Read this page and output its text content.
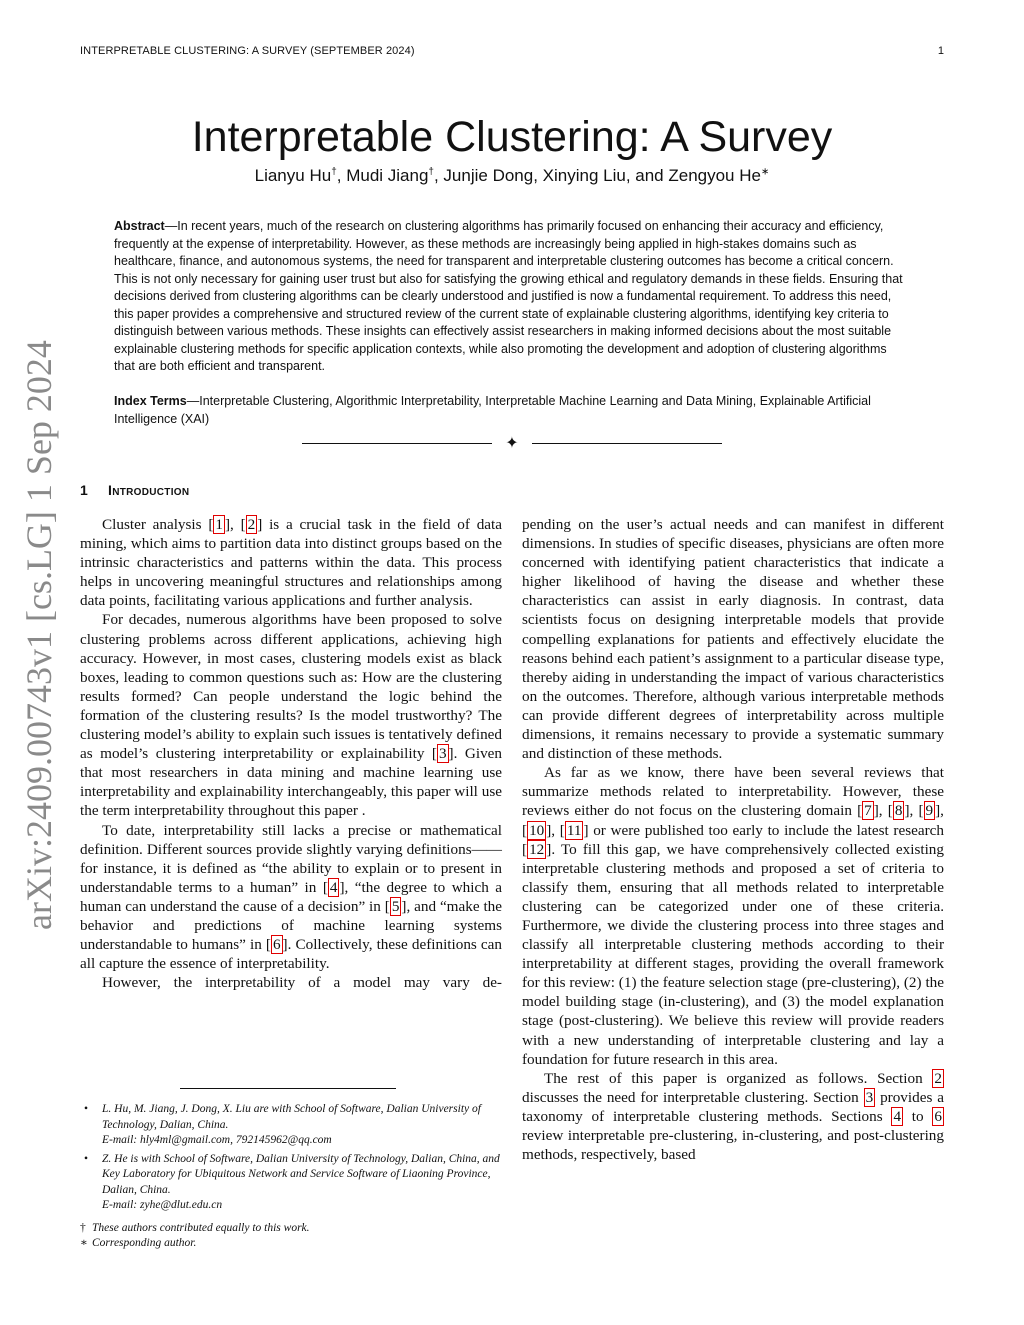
INTERPRETABLE CLUSTERING: A SURVEY (SEPTEMBER 2024)	1
arXiv:2409.00743v1 [cs.LG] 1 Sep 2024
Interpretable Clustering: A Survey
Lianyu Hu†, Mudi Jiang†, Junjie Dong, Xinying Liu, and Zengyou He∗
Abstract—In recent years, much of the research on clustering algorithms has primarily focused on enhancing their accuracy and efficiency, frequently at the expense of interpretability. However, as these methods are increasingly being applied in high-stakes domains such as healthcare, finance, and autonomous systems, the need for transparent and interpretable clustering outcomes has become a critical concern. This is not only necessary for gaining user trust but also for satisfying the growing ethical and regulatory demands in these fields. Ensuring that decisions derived from clustering algorithms can be clearly understood and justified is now a fundamental requirement. To address this need, this paper provides a comprehensive and structured review of the current state of explainable clustering algorithms, identifying key criteria to distinguish between various methods. These insights can effectively assist researchers in making informed decisions about the most suitable explainable clustering methods for specific application contexts, while also promoting the development and adoption of clustering algorithms that are both efficient and transparent.
Index Terms—Interpretable Clustering, Algorithmic Interpretability, Interpretable Machine Learning and Data Mining, Explainable Artificial Intelligence (XAI)
✦
1 Introduction

Cluster analysis [ 1 ], [ 2 ] is a crucial task in the field of data mining, which aims to partition data into distinct groups based on the intrinsic characteristics and patterns within the data. This process helps in uncovering meaningful structures and relationships among data points, facilitating various applications and further analysis.

For decades, numerous algorithms have been proposed to solve clustering problems across different applications, achieving high accuracy. However, in most cases, clustering models exist as black boxes, leading to common questions such as: How are the clustering results formed? Can people understand the logic behind the formation of the clustering results? Is the model trustworthy? The clustering model’s ability to explain such issues is tentatively defined as model’s clustering interpretability or explainability [ 3 ]. Given that most researchers in data mining and machine learning use interpretability and explainability interchangeably, this paper will use the term interpretability throughout this paper .

To date, interpretability still lacks a precise or mathematical definition. Different sources provide slightly varying definitions——for instance, it is defined as “the ability to explain or to present in understandable terms to a human” in [ 4 ], “the degree to which a human can understand the cause of a decision” in [ 5 ], and “make the behavior and predictions of machine learning systems understandable to humans” in [ 6 ]. Collectively, these definitions can all capture the essence of interpretability.

However, the interpretability of a model may vary de-

pending on the user’s actual needs and can manifest in different dimensions. In studies of specific diseases, physicians are often more concerned with identifying patient characteristics that indicate a higher likelihood of having the disease and whether these characteristics can assist in early diagnosis. In contrast, data scientists focus on designing interpretable models that provide compelling explanations for patients and effectively elucidate the reasons behind each patient’s assignment to a particular disease type, thereby aiding in understanding the impact of various characteristics on the outcomes. Therefore, although various interpretable methods can provide different degrees of interpretability across multiple dimensions, it remains necessary to provide a systematic summary and distinction of these methods.

As far as we know, there have been several reviews that summarize methods related to interpretability. However, these reviews either do not focus on the clustering domain [ 7 ], [ 8 ], [ 9 ], [ 10 ], [ 11 ] or were published too early to include the latest research [ 12 ]. To fill this gap, we have comprehensively collected existing interpretable clustering methods and proposed a set of criteria to classify them, ensuring that all methods related to interpretable clustering can be categorized under one of these criteria. Furthermore, we divide the clustering process into three stages and classify all interpretable clustering methods according to their interpretability at different stages, providing the overall framework for this review: (1) the feature selection stage (pre-clustering), (2) the model building stage (in-clustering), and (3) the model explanation stage (post-clustering). We believe this review will provide readers with a new understanding of interpretable clustering and lay a foundation for future research in this area.

The rest of this paper is organized as follows. Section 2 discusses the need for interpretable clustering. Section 3 provides a taxonomy of interpretable clustering methods. Sections 4 to 6 review interpretable pre-clustering, in-clustering, and post-clustering methods, respectively, based

• L. Hu, M. Jiang, J. Dong, X. Liu are with School of Software, Dalian University of Technology, Dalian, China.
E-mail: hly4ml@gmail.com, 792145962@qq.com
• Z. He is with School of Software, Dalian University of Technology, Dalian, China, and Key Laboratory for Ubiquitous Network and Service Software of Liaoning Province, Dalian, China.
E-mail: zyhe@dlut.edu.cn
† These authors contributed equally to this work.
∗ Corresponding author.
